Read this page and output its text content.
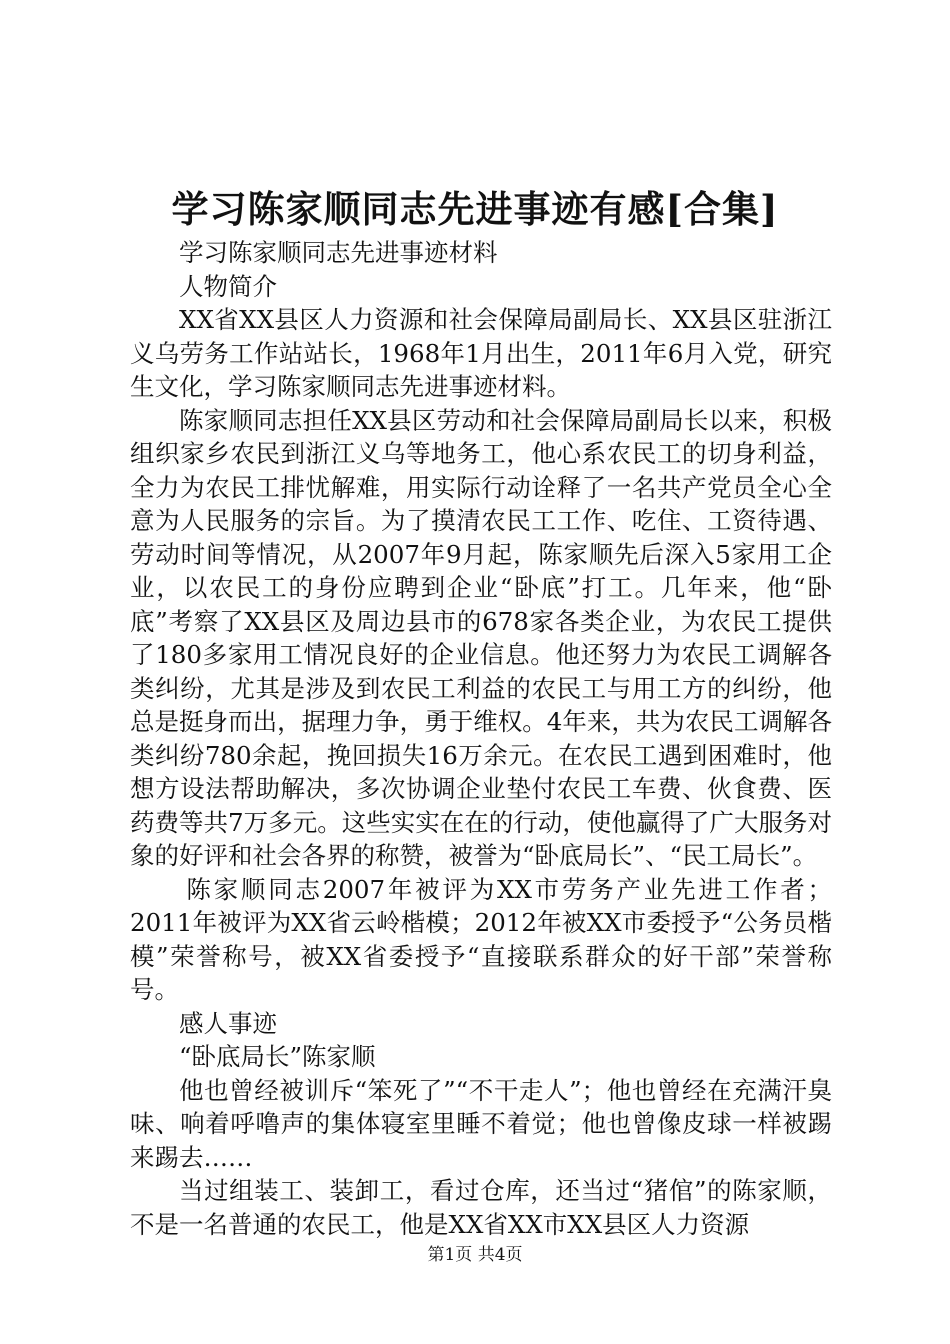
学习陈家顺同志先进事迹有感[合集]

学习陈家顺同志先进事迹材料

人物简介

XX省XX县区人力资源和社会保障局副局长、XX县区驻浙江义乌劳务工作站站长，1968年1月出生，2011年6月入党，研究生文化，学习陈家顺同志先进事迹材料。

陈家顺同志担任XX县区劳动和社会保障局副局长以来，积极组织家乡农民到浙江义乌等地务工，他心系农民工的切身利益，全力为农民工排忧解难，用实际行动诠释了一名共产党员全心全意为人民服务的宗旨。为了摸清农民工工作、吃住、工资待遇、劳动时间等情况，从2007年9月起，陈家顺先后深入5家用工企业，以农民工的身份应聘到企业“卧底”打工。几年来，他“卧底”考察了XX县区及周边县市的678家各类企业，为农民工提供了180多家用工情况良好的企业信息。他还努力为农民工调解各类纠纷，尤其是涉及到农民工利益的农民工与用工方的纠纷，他总是挺身而出，据理力争，勇于维权。4年来，共为农民工调解各类纠纷780余起，挽回损失16万余元。在农民工遇到困难时，他想方设法帮助解决，多次协调企业垫付农民工车费、伙食费、医药费等共7万多元。这些实实在在的行动，使他赢得了广大服务对象的好评和社会各界的称赞，被誉为“卧底局长”、“民工局长”。

陈家顺同志2007年被评为XX市劳务产业先进工作者；2011年被评为XX省云岭楷模；2012年被XX市委授予“公务员楷模”荣誉称号，被XX省委授予“直接联系群众的好干部”荣誉称号。

感人事迹

“卧底局长”陈家顺

他也曾经被训斥“笨死了”“不干走人”；他也曾经在充满汗臭味、响着呼噜声的集体寝室里睡不着觉；他也曾像皮球一样被踢来踢去……

当过组装工、装卸工，看过仓库，还当过“猪倌”的陈家顺，不是一名普通的农民工，他是XX省XX市XX县区人力资源

第1页 共4页
